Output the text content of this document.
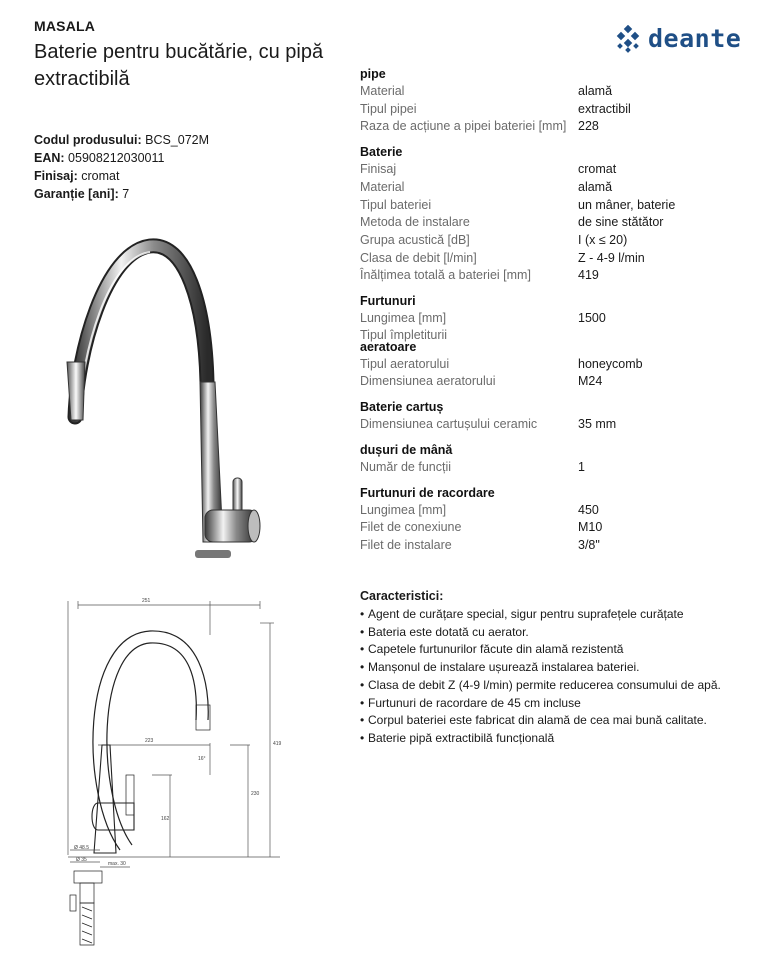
MASALA
Baterie pentru bucătărie, cu pipă extractibilă
deante
Codul produsului: BCS_072M
EAN: 05908212030011
Finisaj: cromat
Garanție [ani]: 7
251
223	419
230
162
16°
Ø 48.5
Ø 35
max. 30
pipe
Material	alamă
Tipul pipei	extractibil
Raza de acțiune a pipei bateriei [mm] 228
Baterie
Finisaj	cromat
Material	alamă
Tipul bateriei	un mâner, baterie
Metoda de instalare	de sine stătător
Grupa acustică [dB]	I (x ≤ 20)
Clasa de debit [l/min]	Z - 4-9 l/min
Înălțimea totală a bateriei [mm]	419
Furtunuri
Lungimea [mm]	1500
Tipul împletiturii
aeratoare
Tipul aeratorului	honeycomb
Dimensiunea aeratorului	M24
Baterie cartuș
Dimensiunea cartușului ceramic	35 mm
dușuri de mână
Număr de funcții	1
Furtunuri de racordare
Lungimea [mm]	450
Filet de conexiune	M10
Filet de instalare	3/8"
Caracteristici:
• Agent de curățare special, sigur pentru suprafețele curățate
• Bateria este dotată cu aerator.
• Capetele furtunurilor făcute din alamă rezistentă
• Manșonul de instalare ușurează instalarea bateriei.
• Clasa de debit Z (4-9 l/min) permite reducerea consumului de apă.
• Furtunuri de racordare de 45 cm incluse
• Corpul bateriei este fabricat din alamă de cea mai bună calitate.
• Baterie pipă extractibilă funcțională
